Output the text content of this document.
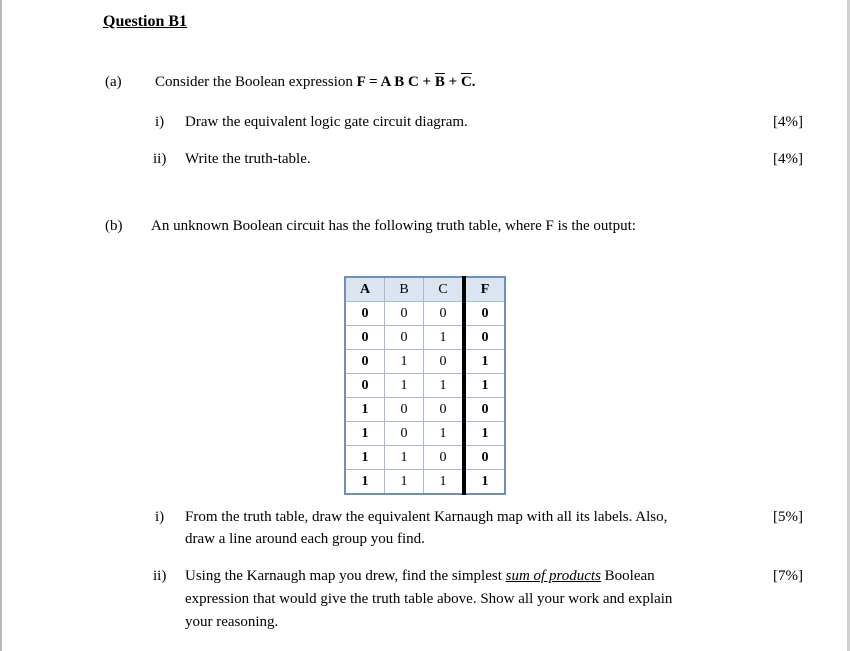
Question B1
(a) Consider the Boolean expression F = A B $C + \overline{B} + \overline{C}$.
i) Draw the equivalent logic gate circuit diagram.	[4%]
ii) Write the truth-table.	[4%]
(b) An unknown Boolean circuit has the following truth table, where F is the output:
A	B	C	F
0	0	0	0
0	0	1	0
0	1	0	1
0	1	1	1
1	0	0	0
1	0	1	1
1	1	0	0
1	1	1	1
i) From the truth table, draw the equivalent Karnaugh map with all its labels. Also,
draw a line around each group you find.
[5%]
ii) Using the Karnaugh map you drew, find the simplest sum of products Boolean
expression that would give the truth table above. Show all your work and explain
your reasoning.
[7%]
